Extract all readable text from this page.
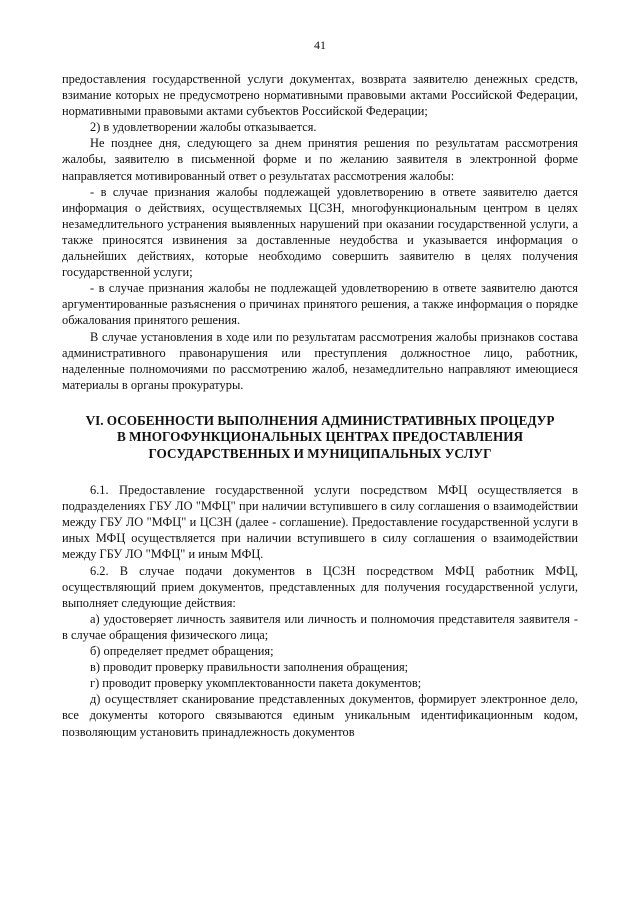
41

предоставления государственной услуги документах, возврата заявителю денежных средств, взимание которых не предусмотрено нормативными правовыми актами Российской Федерации, нормативными правовыми актами субъектов Российской Федерации;

2) в удовлетворении жалобы отказывается.

Не позднее дня, следующего за днем принятия решения по результатам рассмотрения жалобы, заявителю в письменной форме и по желанию заявителя в электронной форме направляется мотивированный ответ о результатах рассмотрения жалобы:

- в случае признания жалобы подлежащей удовлетворению в ответе заявителю дается информация о действиях, осуществляемых ЦСЗН, многофункциональным центром в целях незамедлительного устранения выявленных нарушений при оказании государственной услуги, а также приносятся извинения за доставленные неудобства и указывается информация о дальнейших действиях, которые необходимо совершить заявителю в целях получения государственной услуги;

- в случае признания жалобы не подлежащей удовлетворению в ответе заявителю даются аргументированные разъяснения о причинах принятого решения, а также информация о порядке обжалования принятого решения.

В случае установления в ходе или по результатам рассмотрения жалобы признаков состава административного правонарушения или преступления должностное лицо, работник, наделенные полномочиями по рассмотрению жалоб, незамедлительно направляют имеющиеся материалы в органы прокуратуры.

VI. ОСОБЕННОСТИ ВЫПОЛНЕНИЯ АДМИНИСТРАТИВНЫХ ПРОЦЕДУР
В МНОГОФУНКЦИОНАЛЬНЫХ ЦЕНТРАХ ПРЕДОСТАВЛЕНИЯ
ГОСУДАРСТВЕННЫХ И МУНИЦИПАЛЬНЫХ УСЛУГ

6.1. Предоставление государственной услуги посредством МФЦ осуществляется в подразделениях ГБУ ЛО "МФЦ" при наличии вступившего в силу соглашения о взаимодействии между ГБУ ЛО "МФЦ" и ЦСЗН (далее - соглашение). Предоставление государственной услуги в иных МФЦ осуществляется при наличии вступившего в силу соглашения о взаимодействии между ГБУ ЛО "МФЦ" и иным МФЦ.

6.2. В случае подачи документов в ЦСЗН посредством МФЦ работник МФЦ, осуществляющий прием документов, представленных для получения государственной услуги, выполняет следующие действия:

а) удостоверяет личность заявителя или личность и полномочия представителя заявителя - в случае обращения физического лица;

б) определяет предмет обращения;

в) проводит проверку правильности заполнения обращения;

г) проводит проверку укомплектованности пакета документов;

д) осуществляет сканирование представленных документов, формирует электронное дело, все документы которого связываются единым уникальным идентификационным кодом, позволяющим установить принадлежность документов
